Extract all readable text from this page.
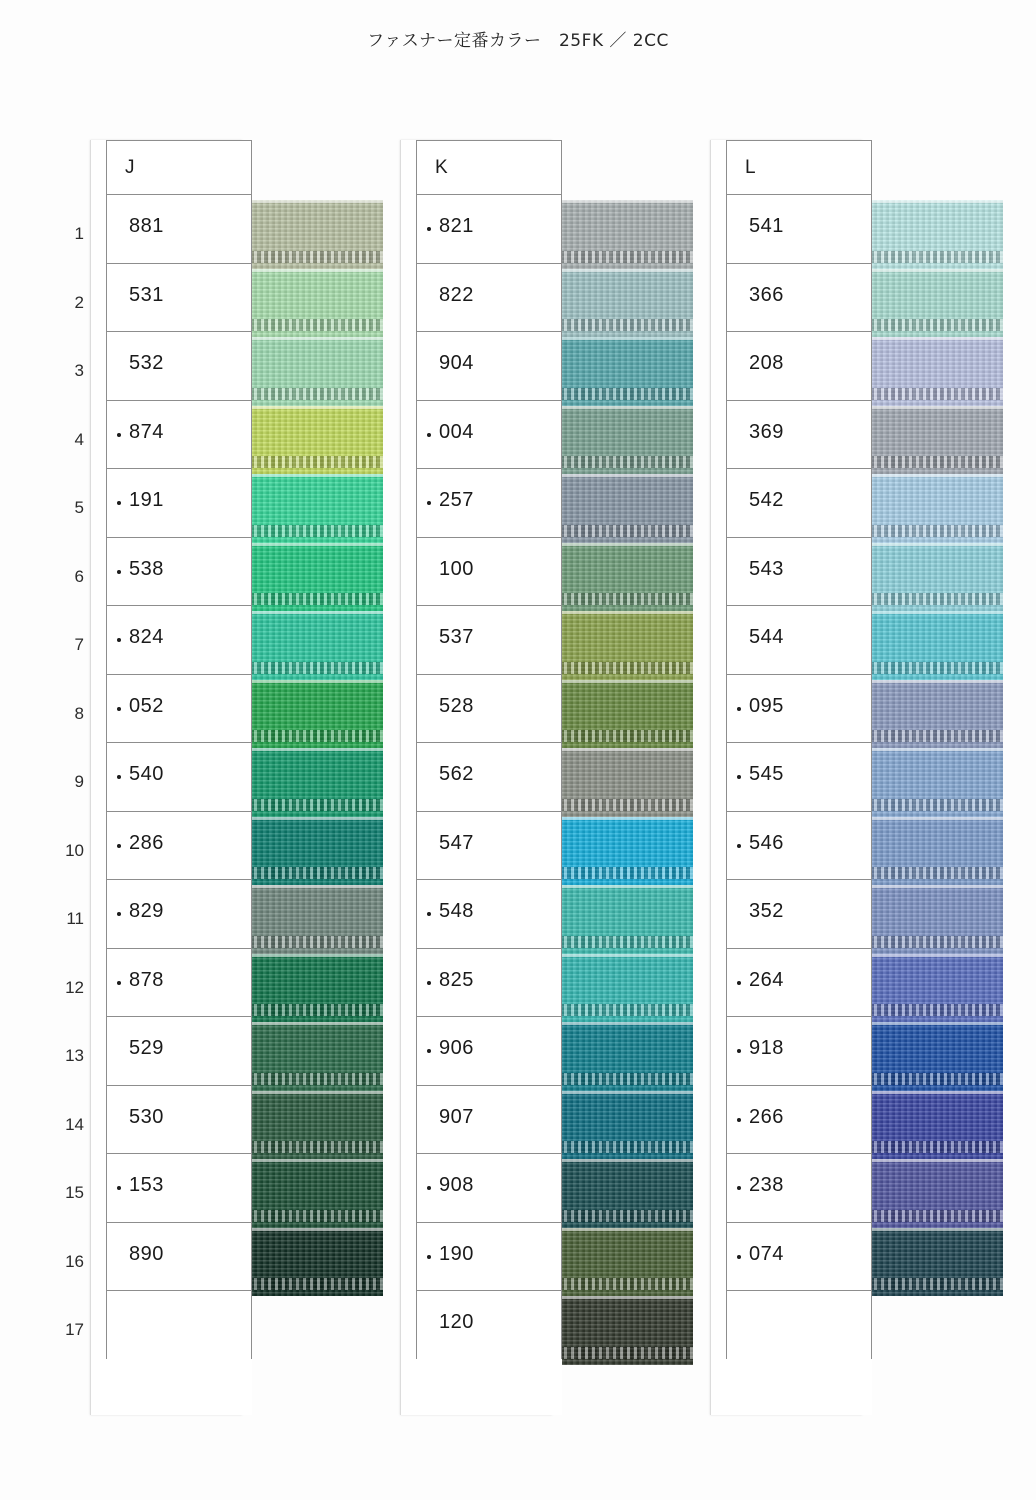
ファスナー定番カラー　25FK ／ 2CC
1
2
3
4
5
6
7
8
9
10
11
12
13
14
15
16
17
J
881
531
532
874
191
538
824
052
540
286
829
878
529
530
153
890
K
821
822
904
004
257
100
537
528
562
547
548
825
906
907
908
190
120
L
541
366
208
369
542
543
544
095
545
546
352
264
918
266
238
074
